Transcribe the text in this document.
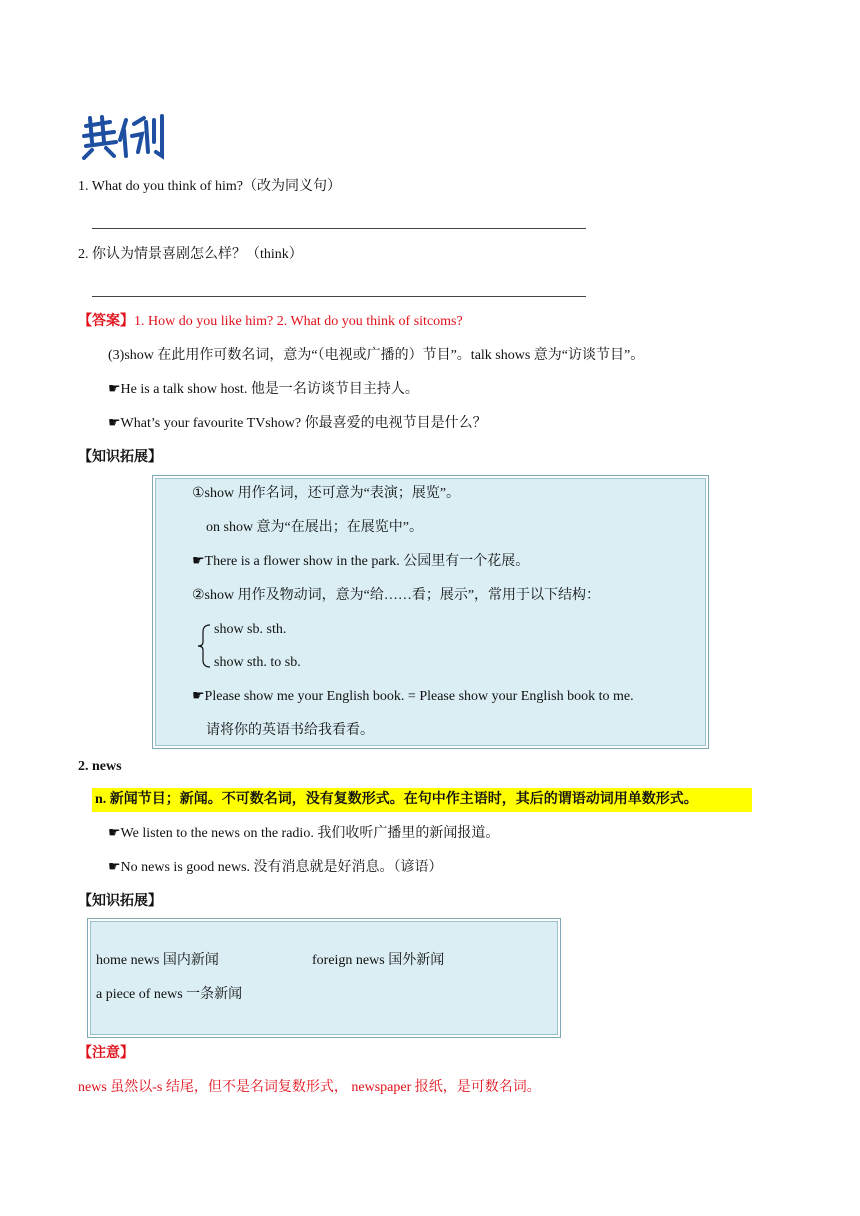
1. What do you think of him?（改为同义句）
2. 你认为情景喜剧怎么样？（think）
【答案】1. How do you like him? 2. What do you think of sitcoms?
(3)show 在此用作可数名词，意为“（电视或广播的）节目”。talk shows 意为“访谈节目”。
☛He is a talk show host. 他是一名访谈节目主持人。
☛What’s your favourite TVshow? 你最喜爱的电视节目是什么？
【知识拓展】
①show 用作名词，还可意为“表演；展览”。
on show 意为“在展出；在展览中”。
☛There is a flower show in the park. 公园里有一个花展。
②show 用作及物动词，意为“给……看；展示”，常用于以下结构：
show sb. sth.
show sth. to sb.
☛Please show me your English book. = Please show your English book to me.
请将你的英语书给我看看。
2. news
n. 新闻节目；新闻。不可数名词，没有复数形式。在句中作主语时，其后的谓语动词用单数形式。
☛We listen to the news on the radio. 我们收听广播里的新闻报道。
☛No news is good news. 没有消息就是好消息。（谚语）
【知识拓展】
home news 国内新闻	foreign news 国外新闻
a piece of news 一条新闻
【注意】
news 虽然以-s 结尾，但不是名词复数形式， newspaper 报纸，是可数名词。
